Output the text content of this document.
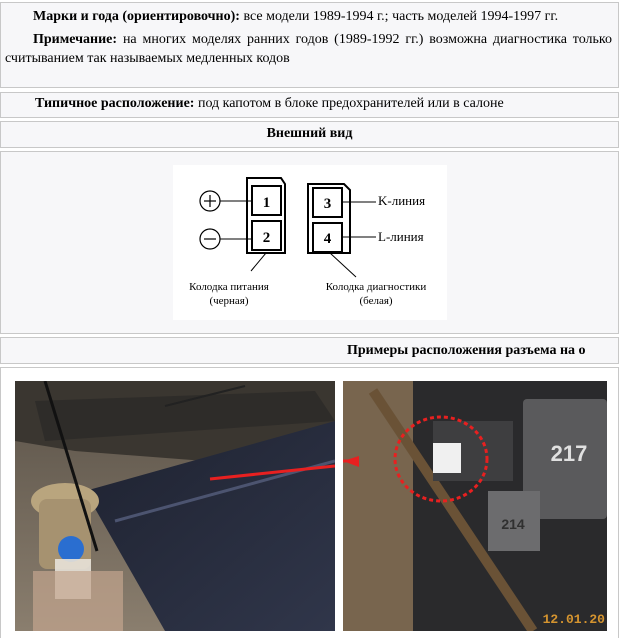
Марки и года (ориентировочно): все модели 1989-1994 г.; часть моделей 1994-1997 гг.

Примечание: на многих моделях ранних годов (1989-1992 гг.) возможна диагностика только считыванием так называемых медленных кодов

Типичное расположение: под капотом в блоке предохранителей или в салоне
Внешний вид
1
2
3
4
K-линия
L-линия
Колодка питания
(черная)
Колодка диагностики
(белая)
Примеры расположения разъема на о
217
214
12.01.20
